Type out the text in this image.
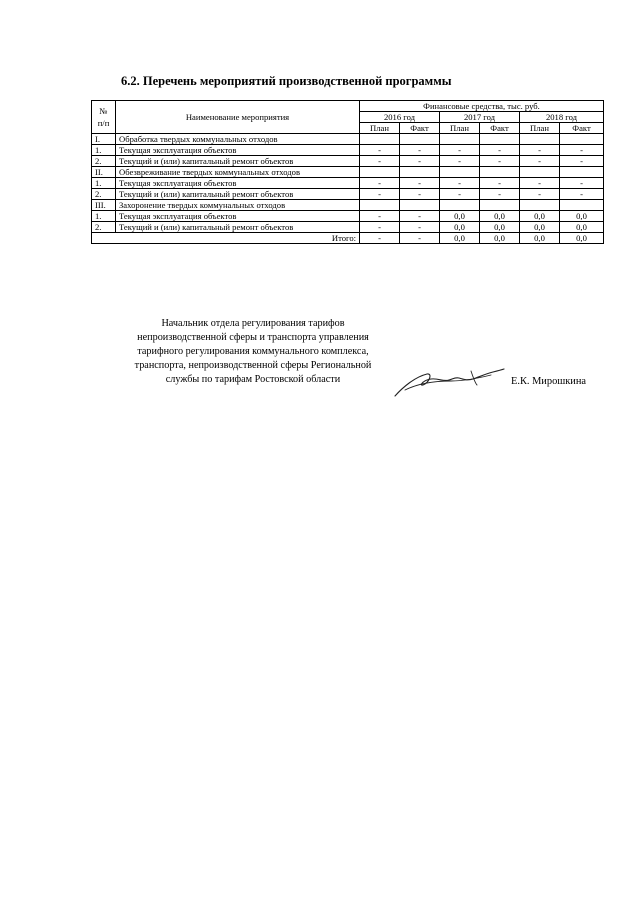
6.2. Перечень мероприятий производственной программы
№ п/п	Наименование мероприятия	Финансовые средства, тыс. руб.					
		2016 год		2017 год		2018 год	
		План	Факт	План	Факт	План	Факт
I.	Обработка твердых коммунальных отходов						
1.	Текущая эксплуатация объектов	-	-	-	-	-	-
2.	Текущий и (или) капитальный ремонт объектов	-	-	-	-	-	-
II.	Обезвреживание твердых коммунальных отходов						
1.	Текущая эксплуатация объектов	-	-	-	-	-	-
2.	Текущий и (или) капитальный ремонт объектов	-	-	-	-	-	-
III.	Захоронение твердых коммунальных отходов						
1.	Текущая эксплуатация объектов	-	-	0,0	0,0	0,0	0,0
2.	Текущий и (или) капитальный ремонт объектов	-	-	0,0	0,0	0,0	0,0
Итого:		-	-	0,0	0,0	0,0	0,0
Начальник отдела регулирования тарифов
непроизводственной сферы и транспорта управления
тарифного регулирования коммунального комплекса,
транспорта, непроизводственной сферы Региональной
службы по тарифам Ростовской области	Е.К. Мирошкина
